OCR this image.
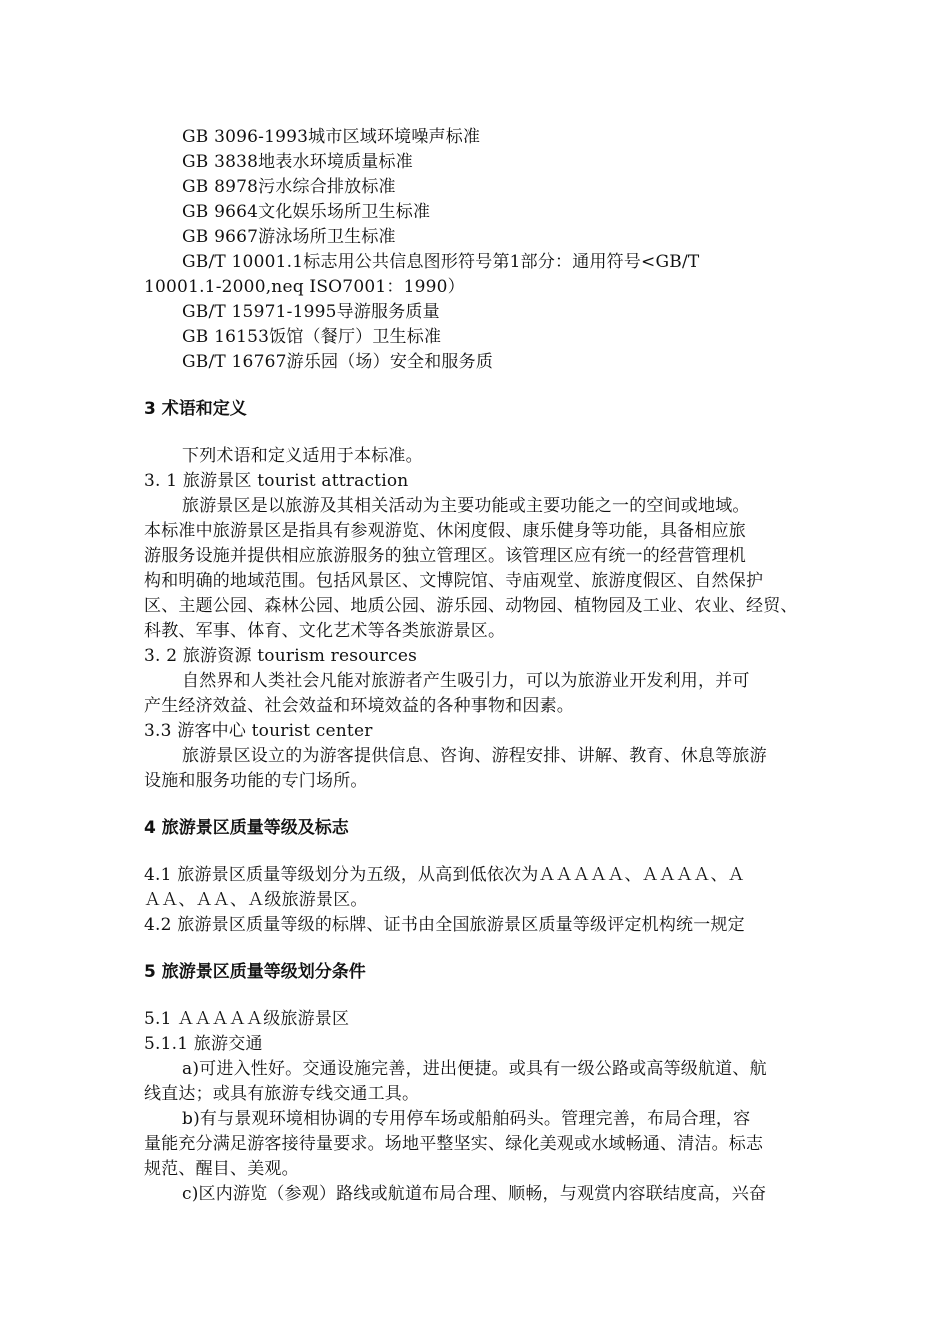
GB 3096-1993城市区域环境噪声标准
GB 3838地表水环境质量标准
GB 8978污水综合排放标准
GB 9664文化娱乐场所卫生标准
GB 9667游泳场所卫生标准
GB/T 10001.1标志用公共信息图形符号第1部分：通用符号<GB/T
10001.1-2000,neq ISO7001：1990）
GB/T 15971-1995导游服务质量
GB 16153饭馆（餐厅）卫生标准
GB/T 16767游乐园（场）安全和服务质
3 术语和定义
下列术语和定义适用于本标准。
3. 1 旅游景区 tourist attraction
旅游景区是以旅游及其相关活动为主要功能或主要功能之一的空间或地域。
本标准中旅游景区是指具有参观游览、休闲度假、康乐健身等功能，具备相应旅
游服务设施并提供相应旅游服务的独立管理区。该管理区应有统一的经营管理机
构和明确的地域范围。包括风景区、文博院馆、寺庙观堂、旅游度假区、自然保护
区、主题公园、森林公园、地质公园、游乐园、动物园、植物园及工业、农业、经贸、
科教、军事、体育、文化艺术等各类旅游景区。
3. 2 旅游资源 tourism resources
自然界和人类社会凡能对旅游者产生吸引力，可以为旅游业开发利用，并可
产生经济效益、社会效益和环境效益的各种事物和因素。
3.3 游客中心 tourist center
旅游景区设立的为游客提供信息、咨询、游程安排、讲解、教育、休息等旅游
设施和服务功能的专门场所。
4 旅游景区质量等级及标志
4.1 旅游景区质量等级划分为五级，从高到低依次为ＡＡＡＡＡ、ＡＡＡＡ、Ａ
ＡＡ、ＡＡ、Ａ级旅游景区。
4.2 旅游景区质量等级的标牌、证书由全国旅游景区质量等级评定机构统一规定
5 旅游景区质量等级划分条件
5.1 ＡＡＡＡＡ级旅游景区
5.1.1 旅游交通
a)可进入性好。交通设施完善，进出便捷。或具有一级公路或高等级航道、航
线直达；或具有旅游专线交通工具。
b)有与景观环境相协调的专用停车场或船舶码头。管理完善，布局合理，容
量能充分满足游客接待量要求。场地平整坚实、绿化美观或水域畅通、清洁。标志
规范、醒目、美观。
c)区内游览（参观）路线或航道布局合理、顺畅，与观赏内容联结度高，兴奋
